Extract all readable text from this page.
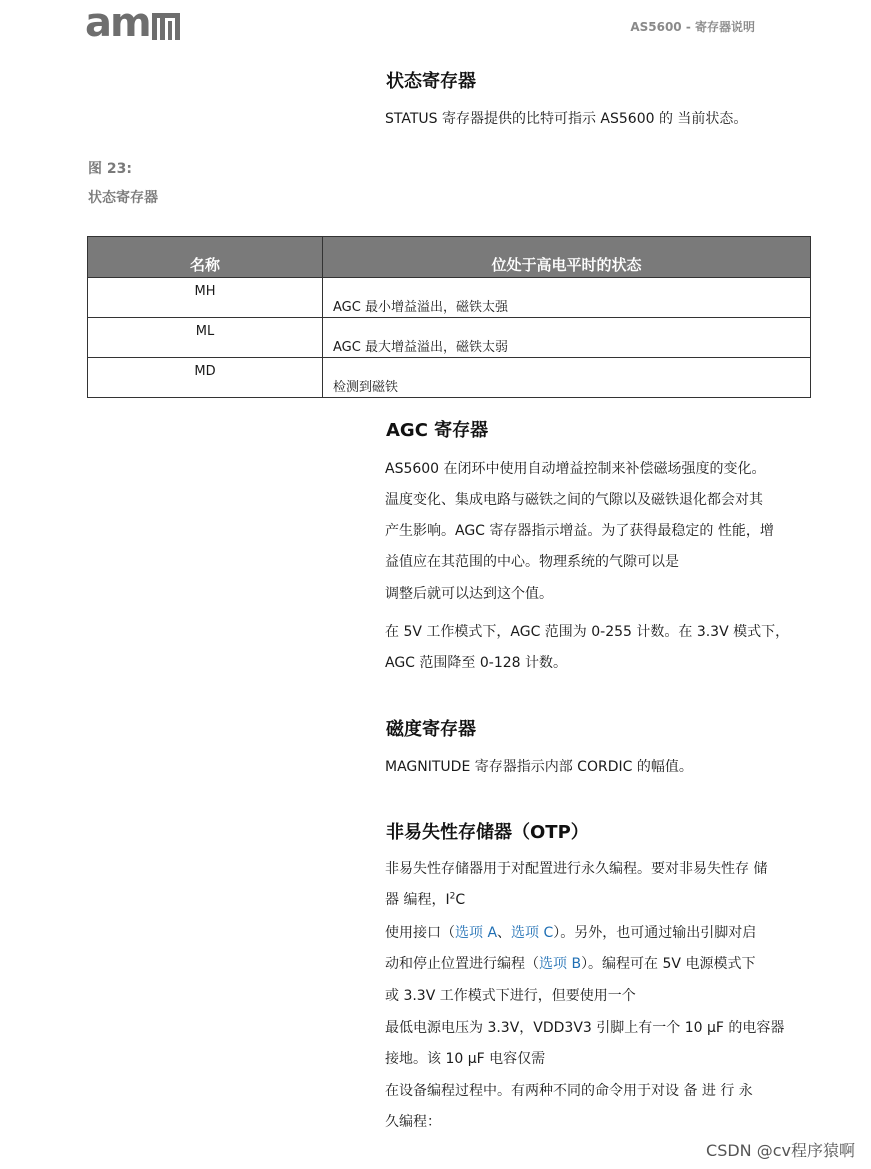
am	AS5600 - 寄存器说明
状态寄存器
STATUS 寄存器提供的比特可指示 AS5600 的 当前状态。
图 23:
状态寄存器
名称	位处于高电平时的状态
MH	AGC 最小增益溢出，磁铁太强
ML	AGC 最大增益溢出，磁铁太弱
MD	检测到磁铁
AGC 寄存器
AS5600 在闭环中使用自动增益控制来补偿磁场强度的变化。
温度变化、集成电路与磁铁之间的气隙以及磁铁退化都会对其
产生影响。AGC 寄存器指示增益。为了获得最稳定的 性能，增
益值应在其范围的中心。物理系统的气隙可以是
调整后就可以达到这个值。
在 5V 工作模式下，AGC 范围为 0-255 计数。在 3.3V 模式下，
AGC 范围降至 0-128 计数。
磁度寄存器
MAGNITUDE 寄存器指示内部 CORDIC 的幅值。
非易失性存储器（OTP）
非易失性存储器用于对配置进行永久编程。要对非易失性存 储
器 编程，$I^2C$
使用接口（选项 A、选项 C）。另外，也可通过输出引脚对启
动和停止位置进行编程（选项 B）。编程可在 5V 电源模式下
或 3.3V 工作模式下进行，但要使用一个
最低电源电压为 3.3V，VDD3V3 引脚上有一个 10 µF 的电容器
接地。该 10 µF 电容仅需
在设备编程过程中。有两种不同的命令用于对设 备 进 行 永
久编程：
CSDN @cv程序猿啊
